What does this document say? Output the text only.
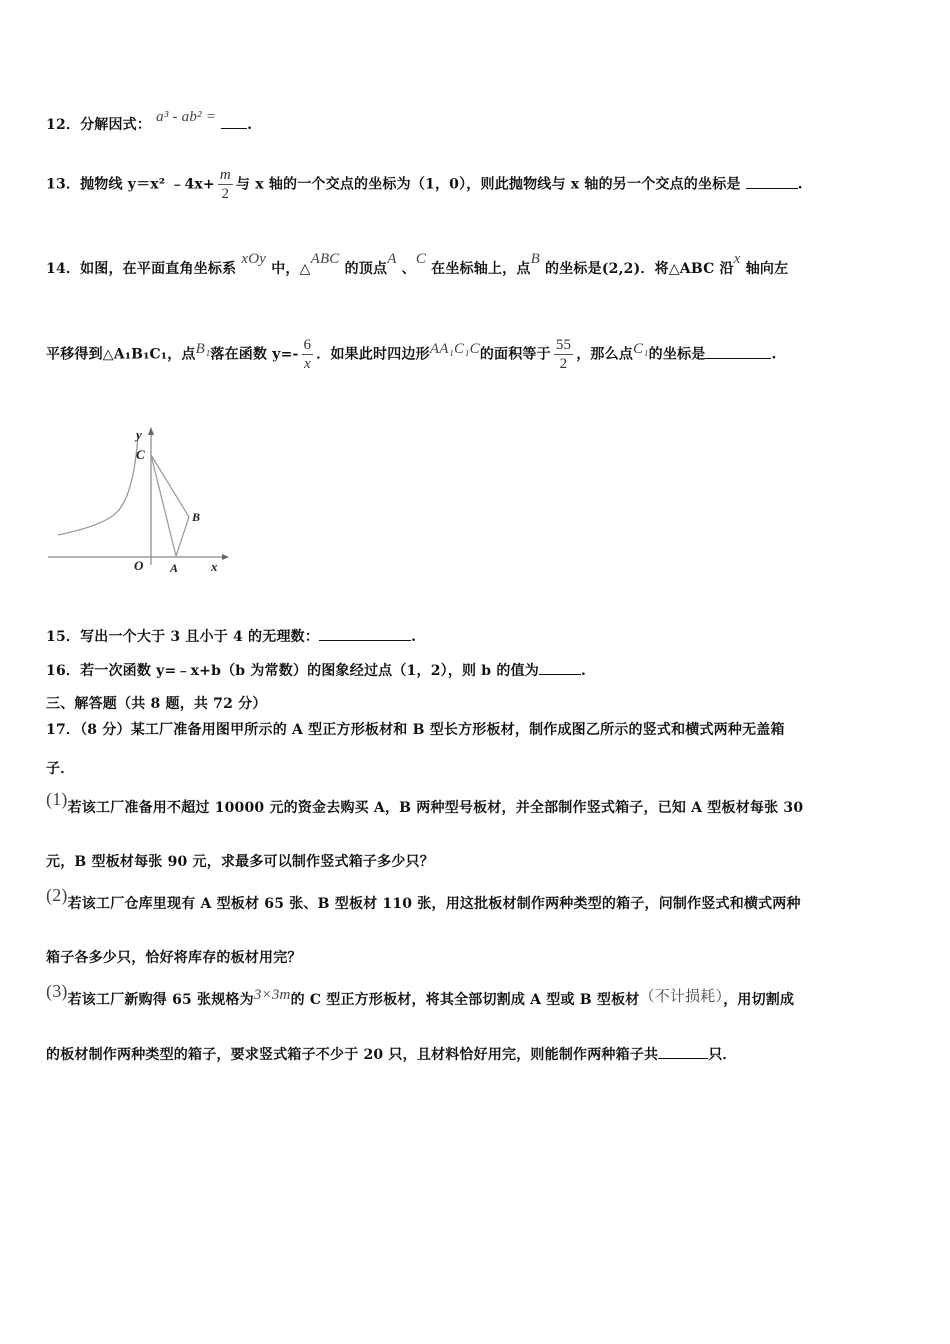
12．分解因式： a³ - ab² = .
13．抛物线 y＝x² ﹣4x+ $\frac{m}{2}$ 与 x 轴的一个交点的坐标为（1，0），则此抛物线与 x 轴的另一个交点的坐标是	.
14．如图，在平面直角坐标系 xOy 中，△ABC 的顶点A 、C 在坐标轴上，点B 的坐标是(2,2)．将△ABC 沿x 轴向左
平移得到△A₁B₁C₁，点B₁落在函数 $y=- \frac{6}{x}$ ．如果此时四边形AA₁C₁C的面积等于 $\frac{55}{2}$ ，那么点C₁的坐标是	.
y
C
B
O A	x
15．写出一个大于 3 且小于 4 的无理数：	.
16．若一次函数 y=﹣x+b（b 为常数）的图象经过点（1，2），则 b 的值为	.
三、解答题（共 8 题，共 72 分）
17．（8 分）某工厂准备用图甲所示的 A 型正方形板材和 B 型长方形板材，制作成图乙所示的竖式和横式两种无盖箱
子．
(1)若该工厂准备用不超过 10000 元的资金去购买 A，B 两种型号板材，并全部制作竖式箱子，已知 A 型板材每张 30
元，B 型板材每张 90 元，求最多可以制作竖式箱子多少只？
(2)若该工厂仓库里现有 A 型板材 65 张、B 型板材 110 张，用这批板材制作两种类型的箱子，问制作竖式和横式两种
箱子各多少只，恰好将库存的板材用完？
(3)若该工厂新购得 65 张规格为3×3m的 C 型正方形板材，将其全部切割成 A 型或 B 型板材（不计损耗），用切割成
的板材制作两种类型的箱子，要求竖式箱子不少于 20 只，且材料恰好用完，则能制作两种箱子共	只．
